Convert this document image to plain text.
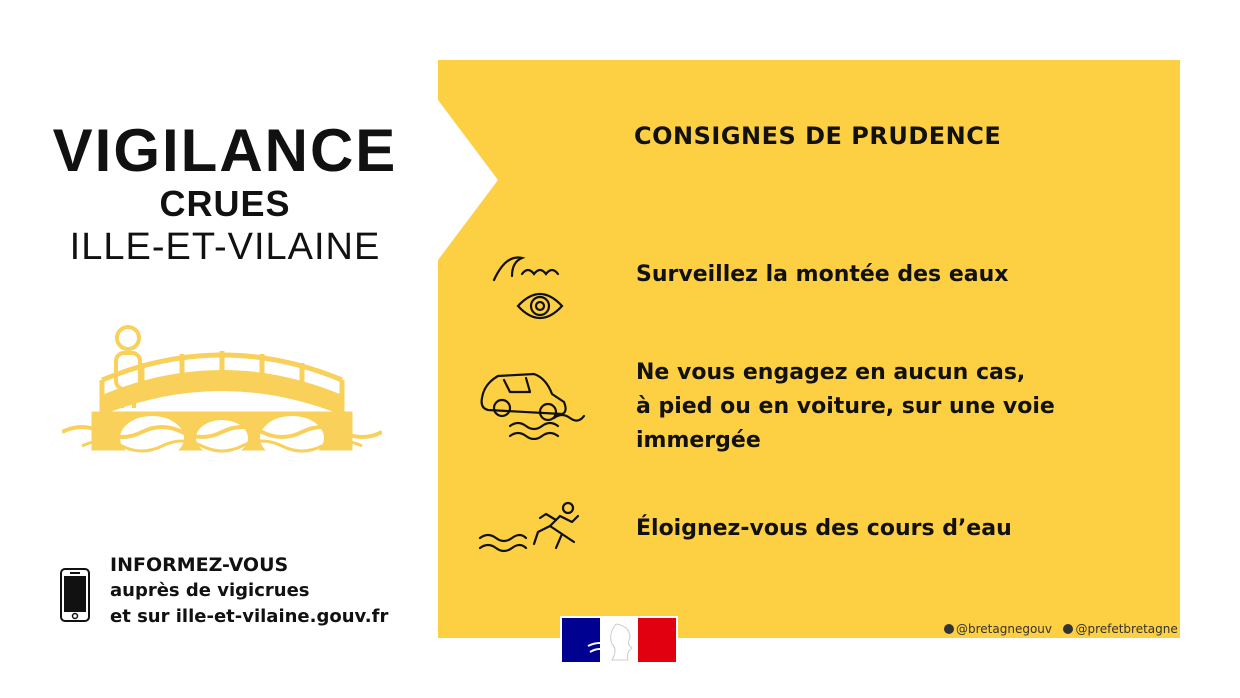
VIGILANCE
CRUES
ILLE-ET-VILAINE
INFORMEZ-VOUS
auprès de vigicrues
et sur ille-et-vilaine.gouv.fr
CONSIGNES DE PRUDENCE
Surveillez la montée des eaux
Ne vous engagez en aucun cas,
à pied ou en voiture, sur une voie
immergée
Éloignez-vous des cours d’eau
@bretagnegouv @prefetbretagne
